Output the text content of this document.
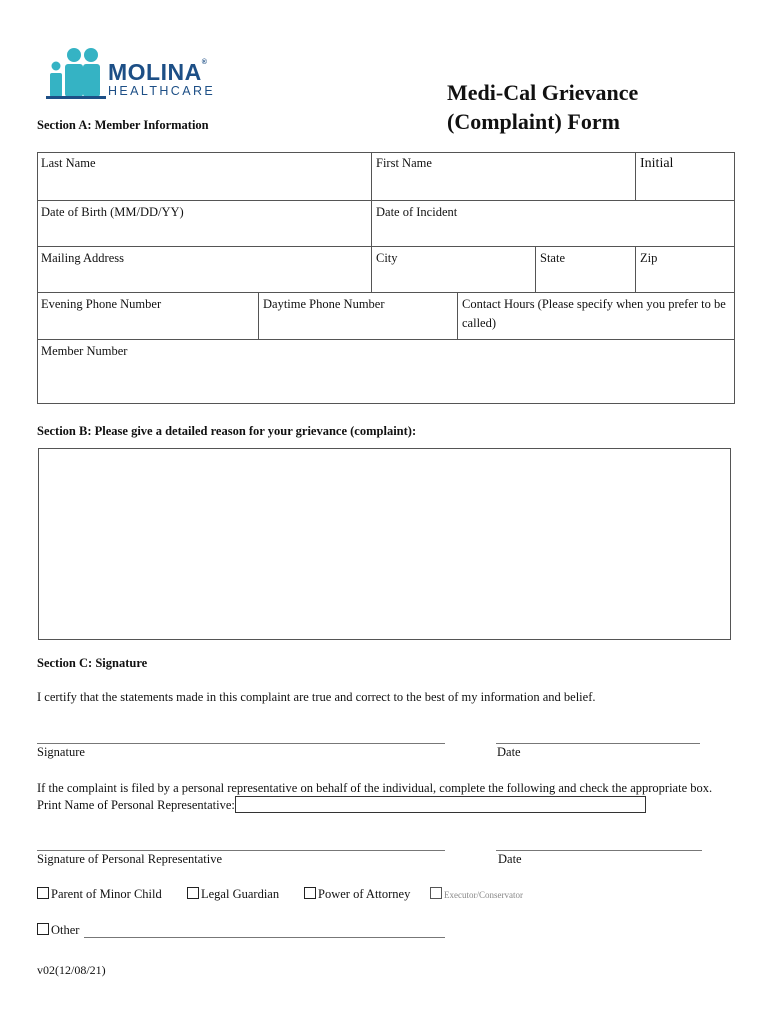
MOLINA®
HEALTHCARE	Medi-Cal Grievance
(Complaint) Form
Section A: Member Information
Last Name	First Name	Initial
Date of Birth (MM/DD/YY)	Date of Incident
Mailing Address	City	State	Zip
Evening Phone Number	Daytime Phone Number	Contact Hours (Please specify when you prefer to be called)
Member Number
Section B: Please give a detailed reason for your grievance (complaint):
Section C: Signature
I certify that the statements made in this complaint are true and correct to the best of my information and belief.
Signature	Date
If the complaint is filed by a personal representative on behalf of the individual, complete the following and check the appropriate box.
Print Name of Personal Representative:
Signature of Personal Representative	Date
Parent of Minor Child	Legal Guardian	Power of Attorney	Executor/Conservator
Other
v02(12/08/21)
